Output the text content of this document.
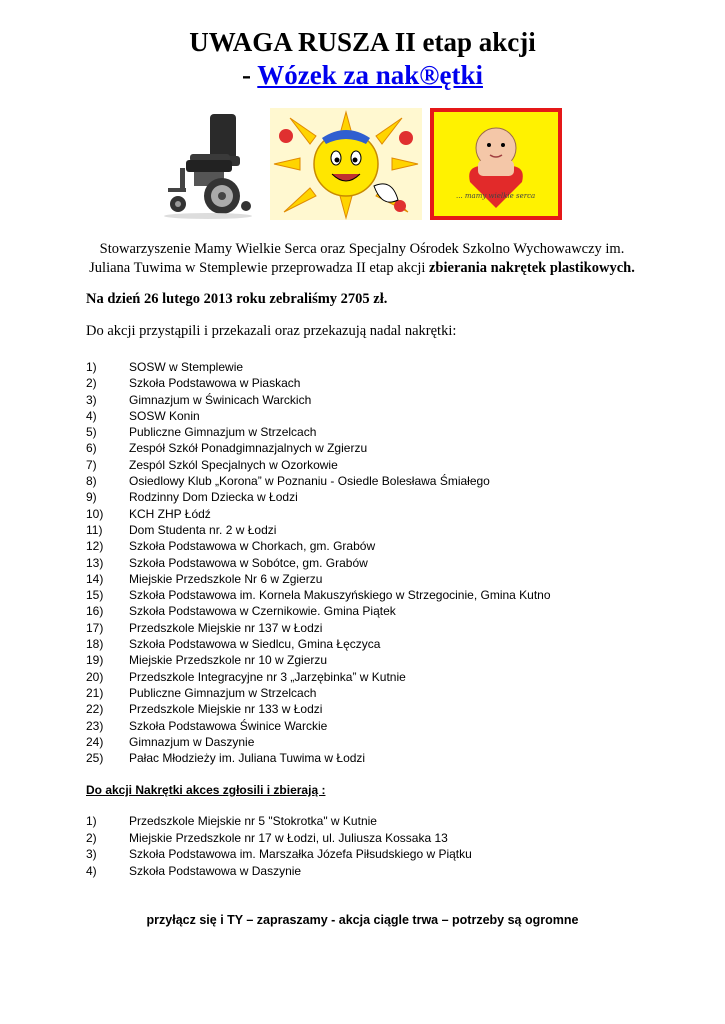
UWAGA RUSZA II etap akcji
- Wózek za nak®ętki
... mamy wielkie serca
Stowarzyszenie Mamy Wielkie Serca oraz Specjalny Ośrodek Szkolno Wychowawczy im. Juliana Tuwima w Stemplewie przeprowadza II etap akcji zbierania nakrętek plastikowych.
Na dzień 26 lutego 2013 roku zebraliśmy 2705 zł.
Do akcji przystąpili i przekazali oraz przekazują nadal nakrętki:
1)	SOSW w Stemplewie
2)	Szkoła Podstawowa w Piaskach
3)	Gimnazjum w Świnicach Warckich
4)	SOSW Konin
5)	Publiczne Gimnazjum w Strzelcach
6)	Zespół Szkół Ponadgimnazjalnych w Zgierzu
7)	Zespól Szkól Specjalnych w Ozorkowie
8)	Osiedlowy Klub „Korona” w Poznaniu - Osiedle Bolesława Śmiałego
9)	Rodzinny Dom Dziecka w Łodzi
10) KCH ZHP Łódź
11) Dom Studenta nr. 2 w Łodzi
12) Szkoła Podstawowa w Chorkach, gm. Grabów
13) Szkoła Podstawowa w Sobótce, gm. Grabów
14) Miejskie Przedszkole Nr 6 w Zgierzu
15) Szkoła Podstawowa im. Kornela Makuszyńskiego w Strzegocinie, Gmina Kutno
16) Szkoła Podstawowa w Czernikowie. Gmina Piątek
17) Przedszkole Miejskie nr 137 w Łodzi
18) Szkoła Podstawowa w Siedlcu, Gmina Łęczyca
19) Miejskie Przedszkole nr 10 w Zgierzu
20) Przedszkole Integracyjne nr 3 „Jarzębinka” w Kutnie
21) Publiczne Gimnazjum w Strzelcach
22) Przedszkole Miejskie nr 133 w Łodzi
23) Szkoła Podstawowa Świnice Warckie
24) Gimnazjum w Daszynie
25) Pałac Młodzieży im. Juliana Tuwima w Łodzi
Do akcji Nakrętki akces zgłosili i zbierają :
1)	Przedszkole Miejskie nr 5 "Stokrotka" w Kutnie
2)	Miejskie Przedszkole nr 17 w Łodzi, ul. Juliusza Kossaka 13
3)	Szkoła Podstawowa im. Marszałka Józefa Piłsudskiego w Piątku
4)	Szkoła Podstawowa w Daszynie
przyłącz się i TY – zapraszamy - akcja ciągle trwa – potrzeby są ogromne
